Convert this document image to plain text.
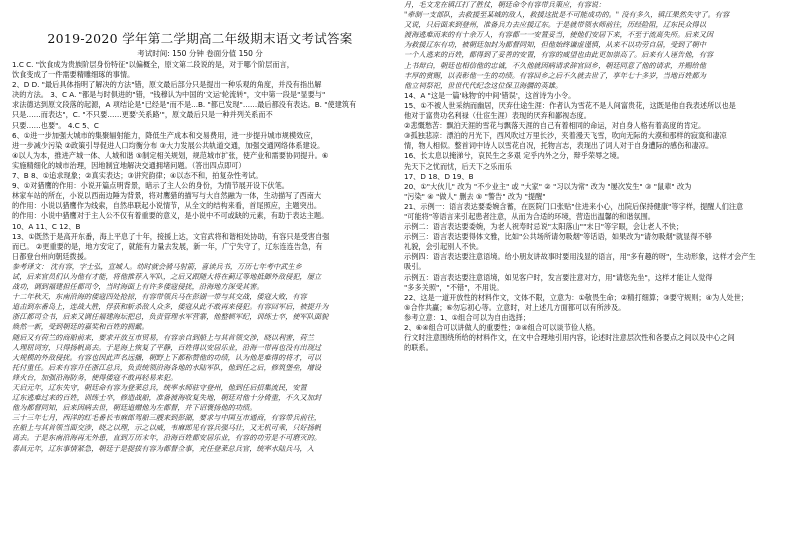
2019-2020 学年第二学期高二年级期末语文考试答案
考试时间: 150 分钟 卷面分值 150 分
1.C C. "饮食成为贵族阶层身份特征"以偏概全，原文第二段说的是，对于哪个阶层而言，
饮食变成了一件需要精雕细琢的事情。
2、D D. "最后具体指明了解决的方法"错，原文最后部分只是提出一种乐观的角度，并没有指出解
决的方法。 3、C A. "都是与时俱进的"错，"钱穆认为中国的'文运'轮流转"，文中第一段是"显要与"
求法德达到原文段落的起源，A 项结论是"已经是"而不是...B. "都已发现"……最后都没有表达。B. "使建筑有
只是……而表达"，C. "不只要……更要'关系路'"，原文最后只是一种并列关系而不
只要……也要"。 4.C 5、C
6、①进一步加强大城市的集聚辐射能力，降低生产成本和交易费用，进一步提升城市规模效应，
进一步减少污染 ②政策引导促进人口均衡分布 ③大力发展公共轨道交通，加强交通网络体系建设。
④以人为本，推进产城一体、人城和谐 ⑤制定相关规划，规范城市扩张，使产业和需要协同提升。⑥
实施精细化的城市治理，因地制宜地解决交通拥堵问题。（答出四点即可）
7、B 8、①追求现象；②真实表达；③讲究韵律；④以态不和，拍复杂性考试。
9、①对猎鹰的作用：小说开篇点明背景，暗示了主人公的身份，为情节展开设下伏笔。
林家车站的所在，小说以西南边陲为背景，将对鹰猎的描写与大自然融为一体，生动描写了西南大
的作用：小说以猎鹰作为线索，自然串联起小说情节，从全文的结构来看，首尾照应，主题突出。
的作用：小说中猎鹰对于主人公不仅有着重要的意义，是小说中不可或缺的元素，有助于表达主题。
10、A 11、C 12、B
13、①既然于是高开东番，海上平息了十年，接援上达，文官武将和谐相处协助，有容只是受害自强
而已。 ②更重要的是，地方安定了，就能有力量去发展，新一年，广宁失守了，辽东连连告急，有
日都登台州向朝廷拨援。
参考译文： 沈有容，字士弘，宣城人。幼时就会骑马射箭，喜读兵书，万历七年考中武生乡
试，后来官员们认为他有才能，将他推荐入军队，之后又跟随大将在蓟辽等地抵御外敌侵犯，屡立
战功，调到福建担任都司令，当时海面上有许多倭寇侵扰，沿海地方深受其害。
十二年秋天，东南沿海的倭寇四处抢掠，有容带领兵马在彭湖一带与其交战，倭寇大败，有容
追击到东番岛上，连战大胜，俘获和斩杀敌人众多，倭寇从此不敢再来侵犯。有容回军后，被提升为
浙江都司佥书，后来又调任福建海坛把总，负责管理水军营寨，他整顿军纪，训练士卒，使军队面貌
焕然一新，受到朝廷的嘉奖和百姓的拥戴。
随后又有荷兰的商船前来，要求开放互市贸易，有容亲自到船上与其首领交涉，晓以利害，荷兰
人理屈词穷，只得扬帆离去。于是海上恢复了平静，百姓得以安居乐业，沿海一带再也没有出现过
大规模的外敌侵扰。有容也因此声名远播，朝野上下都称赞他的功绩，认为他是难得的将才，可以
托付重任。后来有容升任浙江总兵，负责统领沿海各地的水陆军队，他到任之后，修筑堡垒，增设
烽火台，加强沿海防务，使得倭寇不敢再轻易来犯。
天启元年，辽东失守，朝廷命有容为登莱总兵，统率水师驻守登州，他到任后招集流民，安置
辽东逃难过来的百姓，训练士卒，修造战船，准备渡海收复失地，朝廷对他十分倚重，不久又加封
他为都督同知，后来因病去世，朝廷追赠他为左都督，并下诏褒扬他的功绩。
三十三年七月，西洋的红毛番长韦麻郎驾船三艘来到彭湖，要求与中国互市通商，有容带兵前往，
在船上与其首领当面交涉，晓之以理，示之以威，韦麻郎见有容兵强马壮，又无机可乘，只好扬帆
离去。于是东南沿海再无外患，直到万历末年，沿海百姓都安居乐业，有容的功劳是不可磨灭的。
泰昌元年，辽东事情紧急，朝廷于是提拔有容为都督佥事，充任登莱总兵官，统率水陆兵马，入
月，毛文龙在镇江打了胜仗，朝廷命令有容带兵策应，有容说：
"牵制一支部队，去救援至某城的敌人，救援这批是不可能成功的。" 没有多久，镇江果然失守了。有容
又说，只后面来到登州，准备兵力去应援辽东。于是就带领水师前往，历经险阻，辽东民众得以
渡海逃难而来的有十余万人，有容都一一安置妥当，使他们安居下来，不至于流离失所。后来又因
为救援辽东有功，被朝廷加封为都督同知，但他始终谦虚谨慎，从来不以功劳自居，受到了朝中
一个人逃来的百姓，都得到了妥善的安置，有容的威望也由此更加崇高了。后来有人诬告他，有容
上书辩白，朝廷也相信他的忠诚，不久他就因病请求辞官回乡，朝廷同意了他的请求，并赐给他
丰厚的赏赐，以表彰他一生的功绩。有容回乡之后不久就去世了，享年七十多岁，当地百姓都为
他立祠祭祀，世世代代纪念这位保卫海疆的英雄。
14、A "这是一篇'咏物'的中间'错误'，这首诗为小令。
15、①不被人世采纳而幽居，厌弃仕途生涯：作者认为雪花不是人间富贵花，这既是他自我表述所以也是
他对于富贵功名利禄（仕宦生涯）表现的厌弃和鄙视态度。
②悲慨愁苦：飘泊天涯的雪花与飘落天涯的自己有着相同的命运，对自身人格有着高度的肯定。
③孤独悲凉：漂泊的月光下，西风吹过万里长沙，夹着漫天飞雪，吹向无际的大漠和那样的寂寞和凄凉
情，物人相似。整首词中诗人以雪花自况，托物言志，表现出了词人对于自身遭际的感伤和凄凉。
16、长太息以掩涕兮，哀民生之多艰 定乎内外之分，辩乎荣辱之境。
先天下之忧而忧，后天下之乐而乐
17、D 18、D 19、B
20、①"大伙儿" 改为 "不少业主" 或 "大家" ② "习以为常" 改为 "屡次发生" ③ "鼠辈" 改为
"污染" ④ "做人" 删去 ⑤ "警告" 改为 "提醒"
21、示例一：语言表达要委婉含蓄，在医院门口张贴"住进来小心，出院后保持健康"等字样，提醒人们注意
"可能将"等语言来引起患者注意，从而为合适的环境，营造出温馨的和谐氛围。
示例二：语言表达要委婉，为老人祝寿时忌说"太阳落山""末日"等字眼，会让老人不快；
示例三：语言表达要得体文雅，比如"公共场所请勿吸烟"等话语，如果改为"请勿吸烟"就显得不够
礼貌，会引起别人不快。
示例四：语言表达要注意语境。给小朋友讲故事时要用浅显的语言，用"多有趣的呀"，生动形象，这样才会产生
吸引。
示例五：语言表达要注意语境，如见客户时，发言要注意对方，用"请您先坐"，这样才能让人觉得
"多多关照"，"不错"，不用说。
22、这是一道开放性的材料作文，文体不限，立意为：①敬畏生命；②精打细算；③要守规则；④为人处世；
⑤合作共赢；⑥勿忘初心等。立意时，对上述几方面都可以有所涉及。
参考立意：1、①组合可以为自由选择；
2、⑥④组合可以讲做人的重要性；③④组合可以谈节俭人格。
行文时注意围绕所给的材料作文，在文中合理地引用内容，论述时注意层次性和各要点之间以及中心之间
的联系。
